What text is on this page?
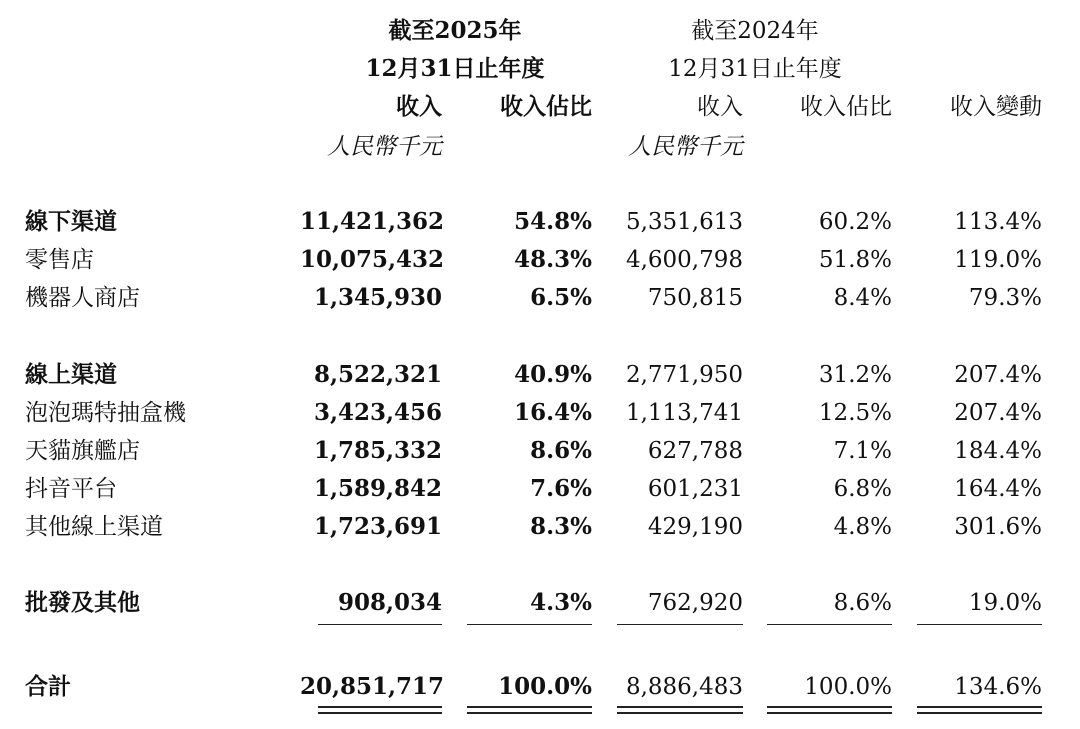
截至2025年
12月31日止年度
截至2024年
12月31日止年度
收入	收入佔比	收入	收入佔比	收入變動
人民幣千元	人民幣千元
線下渠道	11,421,362	54.8%	5,351,613	60.2%	113.4%
零售店	10,075,432	48.3%	4,600,798	51.8%	119.0%
機器人商店	1,345,930	6.5%	750,815	8.4%	79.3%
線上渠道	8,522,321	40.9%	2,771,950	31.2%	207.4%
泡泡瑪特抽盒機	3,423,456	16.4%	1,113,741	12.5%	207.4%
天貓旗艦店	1,785,332	8.6%	627,788	7.1%	184.4%
抖音平台	1,589,842	7.6%	601,231	6.8%	164.4%
其他線上渠道	1,723,691	8.3%	429,190	4.8%	301.6%
批發及其他	908,034	4.3%	762,920	8.6%	19.0%
合計	20,851,717	100.0%	8,886,483	100.0%	134.6%
